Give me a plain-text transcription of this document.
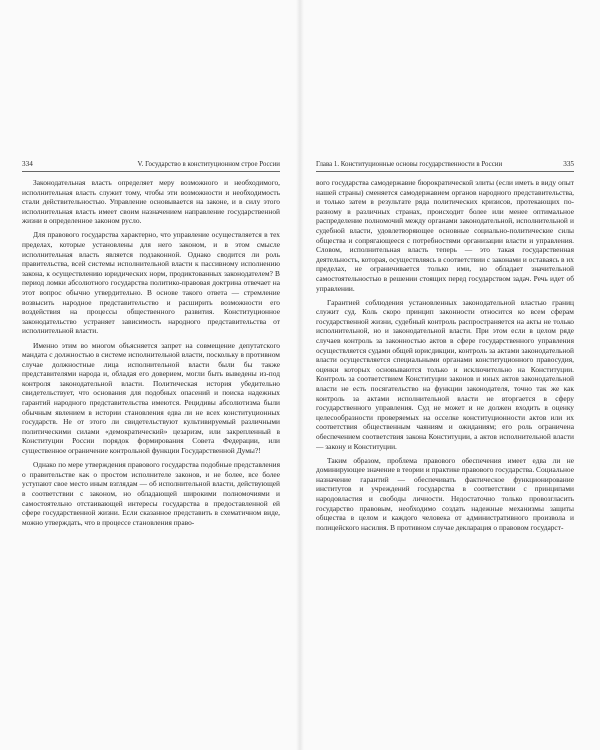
334	V. Государство в конституционном строе России

Законодательная власть определяет меру возможного и необходимого, исполнительная власть служит тому, чтобы эти возможности и необходимость стали действительностью. Управление основывается на законе, и в силу этого исполнительная власть имеет своим назначением направление государственной жизни в определенное законом русло.

Для правового государства характерно, что управление осуществляется в тех пределах, которые установлены для него законом, и в этом смысле исполнительная власть является подзаконной. Однако сводится ли роль правительства, всей системы исполнительной власти к пассивному исполнению закона, к осуществлению юридических норм, продиктованных законодателем? В период ломки абсолютного государства политико-правовая доктрина отвечает на этот вопрос обычно утвердительно. В основе такого ответа — стремление возвысить народное представительство и расширить возможности его воздействия на процессы общественного развития. Конституционное законодательство устраняет зависимость народного представительства от исполнительной власти.

Именно этим во многом объясняется запрет на совмещение депутатского мандата с должностью в системе исполнительной власти, поскольку в противном случае должностные лица исполнительной власти были бы также представителями народа и, обладая его доверием, могли быть выведены из-под контроля законодательной власти. Политическая история убедительно свидетельствует, что основания для подобных опасений и поиска надежных гарантий народного представительства имеются. Рецидивы абсолютизма были обычным явлением в истории становления едва ли не всех конституционных государств. Не от этого ли свидетельствуют культивируемый различными политическими силами «демократический» цезаризм, или закрепленный в Конституции России порядок формирования Совета Федерации, или существенное ограничение контрольной функции Государственной Думы?!

Однако по мере утверждения правового государства подобные представления о правительстве как о простом исполнителе законов, и не более, все более уступают свое место иным взглядам — об исполнительной власти, действующей в соответствии с законом, но обладающей широкими полномочиями и самостоятельно отстаивающей интересы государства в предоставленной ей сфере государственной жизни. Если сказанное представить в схематичном виде, можно утверждать, что в процессе становления право-

Глава 1. Конституционные основы государственности в России	335

вого государства самодержавие бюрократической элиты (если иметь в виду опыт нашей страны) сменяется самодержавием органов народного представительства, и только затем в результате ряда политических кризисов, протекающих по-разному в различных странах, происходит более или менее оптимальное распределение полномочий между органами законодательной, исполнительной и судебной власти, удовлетворяющее основные социально-политические силы общества и сопрягающееся с потребностями организации власти и управления. Словом, исполнительная власть теперь — это такая государственная деятельность, которая, осуществляясь в соответствии с законами и оставаясь в их пределах, не ограничивается только ими, но обладает значительной самостоятельностью в решении стоящих перед государством задач. Речь идет об управлении.

Гарантией соблюдения установленных законодательной властью границ служит суд. Коль скоро принцип законности относится ко всем сферам государственной жизни, судебный контроль распространяется на акты не только исполнительной, но и законодательной власти. При этом если в целом ряде случаев контроль за законностью актов в сфере государственного управления осуществляется судами общей юрисдикции, контроль за актами законодательной власти осуществляется специальными органами конституционного правосудия, оценки которых основываются только и исключительно на Конституции. Контроль за соответствием Конституции законов и иных актов законодательной власти не есть посягательство на функции законодателя, точно так же как контроль за актами исполнительной власти не вторгается в сферу государственного управления. Суд не может и не должен входить в оценку целесообразности проверяемых на осселке конституционности актов или их соответствия общественным чаяниям и ожиданиям; его роль ограничена обеспечением соответствия закона Конституции, а актов исполнительной власти — закону и Конституции.

Таким образом, проблема правового обеспечения имеет едва ли не доминирующее значение в теории и практике правового государства. Социальное назначение гарантий — обеспечивать фактическое функционирование институтов и учреждений государства в соответствии с принципами народовластия и свободы личности. Недостаточно только провозгласить государство правовым, необходимо создать надежные механизмы защиты общества в целом и каждого человека от административного произвола и полицейского насилия. В противном случае декларация о правовом государст-
